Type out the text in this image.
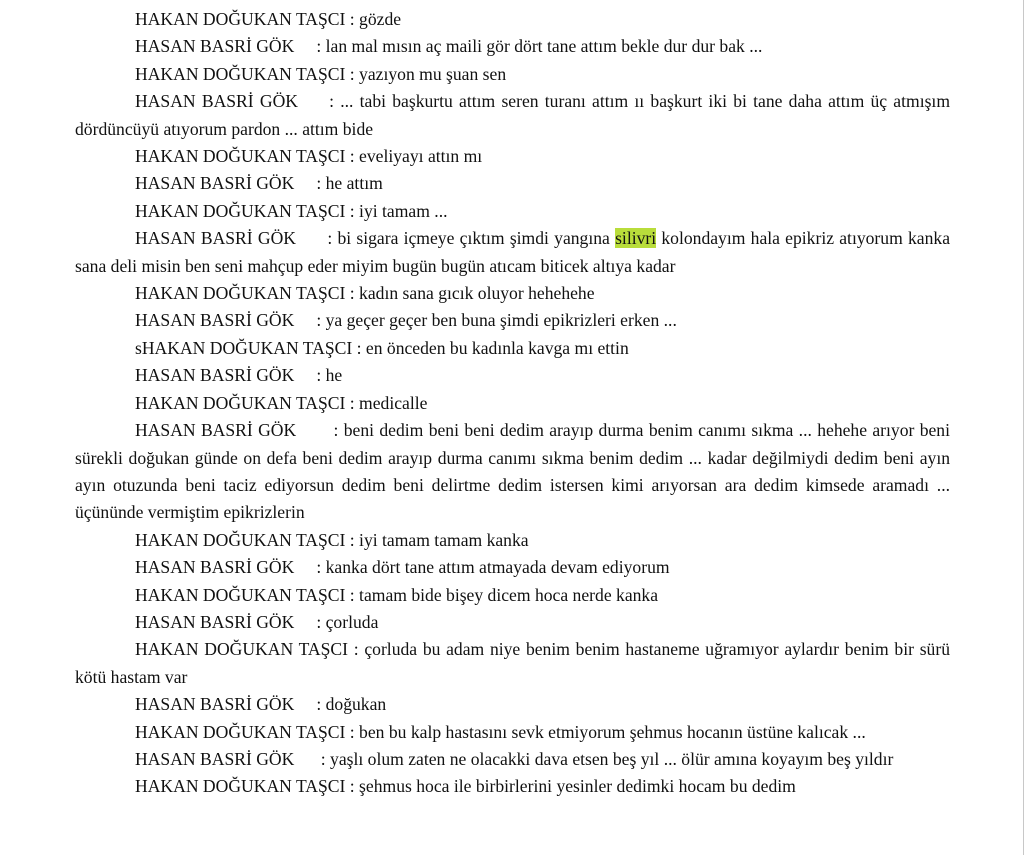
HAKAN DOĞUKAN TAŞCI : gözde

HASAN BASRİ GÖK     : lan mal mısın aç maili gör dört tane attım bekle dur dur bak ...

HAKAN DOĞUKAN TAŞCI : yazıyon mu şuan sen

HASAN BASRİ GÖK     : ... tabi başkurtu attım seren turanı attım ıı başkurt iki bi tane daha attım üç atmışım dördüncüyü atıyorum pardon ... attım bide

HAKAN DOĞUKAN TAŞCI : eveliyayı attın mı

HASAN BASRİ GÖK     : he attım

HAKAN DOĞUKAN TAŞCI : iyi tamam ...

HASAN BASRİ GÖK      : bi sigara içmeye çıktım şimdi yangına silivri kolondayım hala epikriz atıyorum kanka sana deli misin ben seni mahçup eder miyim bugün bugün atıcam biticek altıya kadar

HAKAN DOĞUKAN TAŞCI : kadın sana gıcık oluyor hehehehe

HASAN BASRİ GÖK     : ya geçer geçer ben buna şimdi epikrizleri erken ...

sHAKAN DOĞUKAN TAŞCI : en önceden bu kadınla kavga mı ettin

HASAN BASRİ GÖK     : he

HAKAN DOĞUKAN TAŞCI : medicalle

HASAN BASRİ GÖK       : beni dedim beni beni dedim arayıp durma benim canımı sıkma ... hehehe arıyor beni sürekli doğukan günde on defa beni dedim arayıp durma canımı sıkma benim dedim ... kadar değilmiydi dedim beni ayın ayın otuzunda beni taciz ediyorsun dedim beni delirtme dedim istersen kimi arıyorsan ara dedim kimsede aramadı ... üçününde vermiştim epikrizlerin

HAKAN DOĞUKAN TAŞCI : iyi tamam tamam kanka

HASAN BASRİ GÖK     : kanka dört tane attım atmayada devam ediyorum

HAKAN DOĞUKAN TAŞCI : tamam bide bişey dicem hoca nerde kanka

HASAN BASRİ GÖK     : çorluda

HAKAN DOĞUKAN TAŞCI : çorluda bu adam niye benim benim hastaneme uğramıyor aylardır benim bir sürü kötü hastam var

HASAN BASRİ GÖK     : doğukan

HAKAN DOĞUKAN TAŞCI : ben bu kalp hastasını sevk etmiyorum şehmus hocanın üstüne kalıcak ...

HASAN BASRİ GÖK      : yaşlı olum zaten ne olacakki dava etsen beş yıl ... ölür amına koyayım beş yıldır

HAKAN DOĞUKAN TAŞCI : şehmus hoca ile birbirlerini yesinler dedimki hocam bu dedim
